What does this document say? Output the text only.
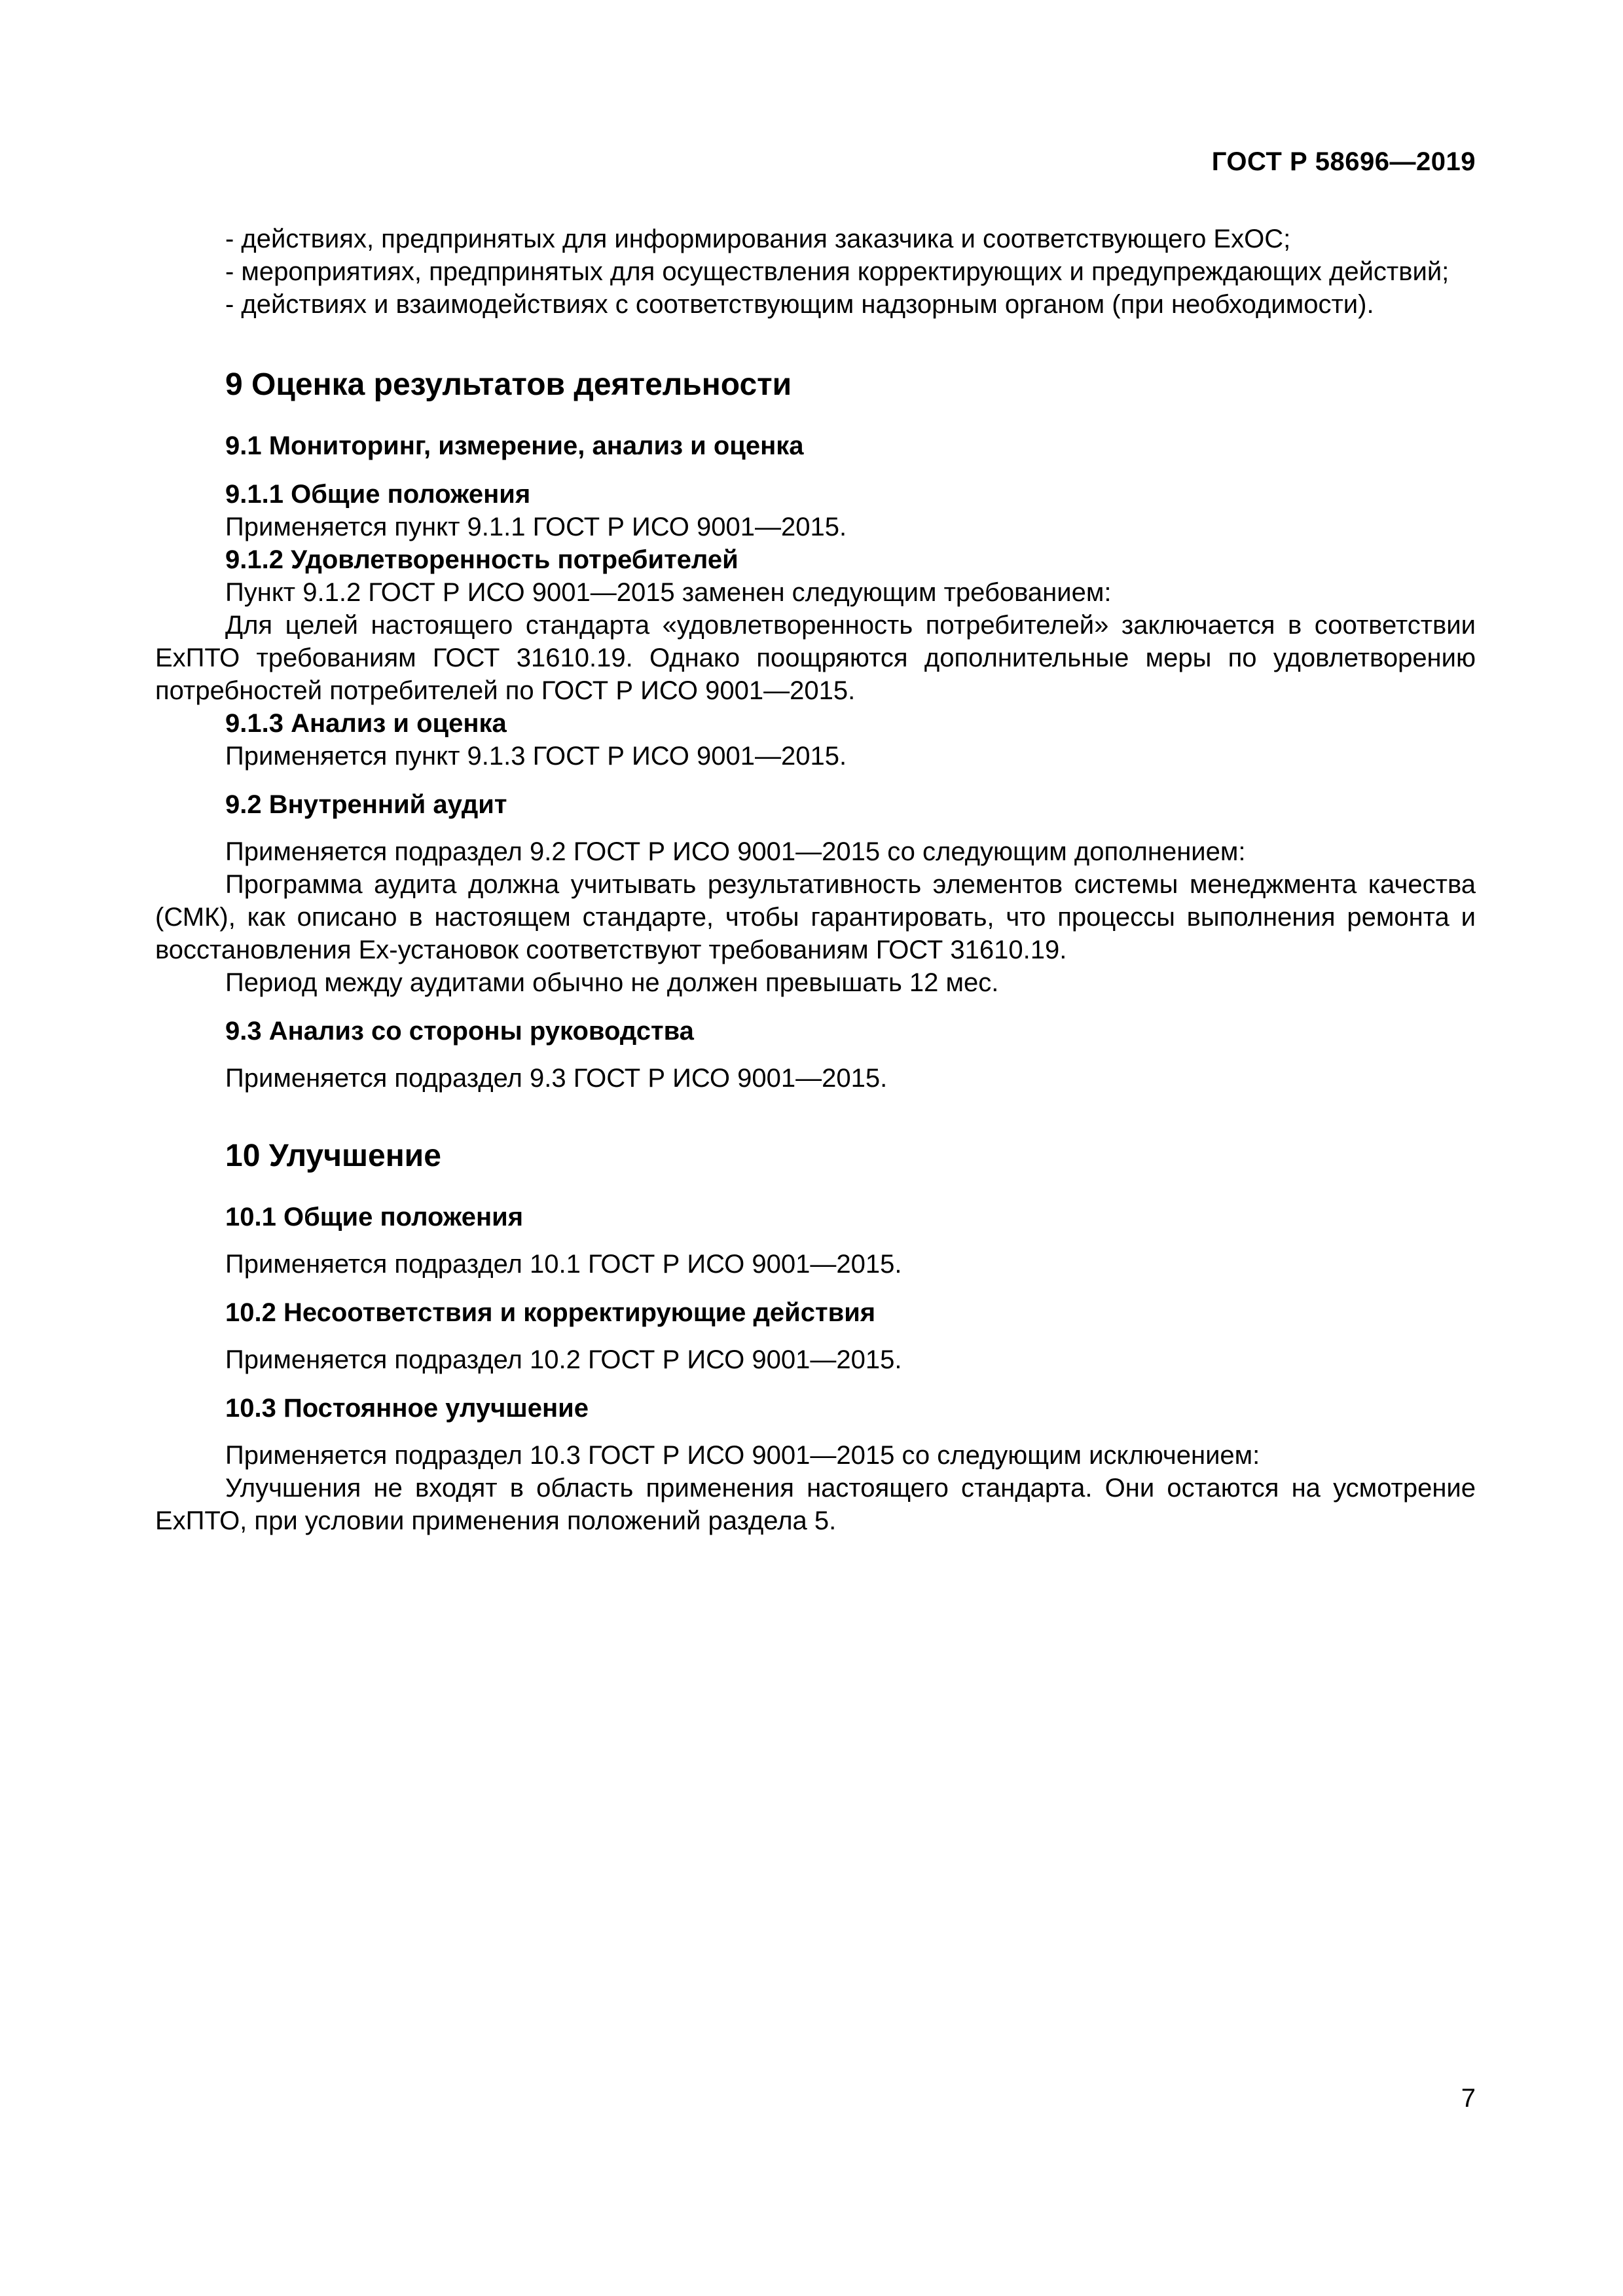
ГОСТ Р 58696—2019

- действиях, предпринятых для информирования заказчика и соответствующего ExOC;

- мероприятиях, предпринятых для осуществления корректирующих и предупреждающих действий;

- действиях и взаимодействиях с соответствующим надзорным органом (при необходимости).

9 Оценка результатов деятельности

9.1 Мониторинг, измерение, анализ и оценка

9.1.1 Общие положения

Применяется пункт 9.1.1 ГОСТ Р ИСО 9001—2015.

9.1.2 Удовлетворенность потребителей

Пункт 9.1.2 ГОСТ Р ИСО 9001—2015 заменен следующим требованием:

Для целей настоящего стандарта «удовлетворенность потребителей» заключается в соответствии ExПТО требованиям ГОСТ 31610.19. Однако поощряются дополнительные меры по удовлетворению потребностей потребителей по ГОСТ Р ИСО 9001—2015.

9.1.3 Анализ и оценка

Применяется пункт 9.1.3 ГОСТ Р ИСО 9001—2015.

9.2 Внутренний аудит

Применяется подраздел 9.2 ГОСТ Р ИСО 9001—2015 со следующим дополнением:

Программа аудита должна учитывать результативность элементов системы менеджмента качества (СМК), как описано в настоящем стандарте, чтобы гарантировать, что процессы выполнения ремонта и восстановления Ex-установок соответствуют требованиям ГОСТ 31610.19.

Период между аудитами обычно не должен превышать 12 мес.

9.3 Анализ со стороны руководства

Применяется подраздел 9.3 ГОСТ Р ИСО 9001—2015.

10 Улучшение

10.1 Общие положения

Применяется подраздел 10.1 ГОСТ Р ИСО 9001—2015.

10.2 Несоответствия и корректирующие действия

Применяется подраздел 10.2 ГОСТ Р ИСО 9001—2015.

10.3 Постоянное улучшение

Применяется подраздел 10.3 ГОСТ Р ИСО 9001—2015 со следующим исключением:

Улучшения не входят в область применения настоящего стандарта. Они остаются на усмотрение ExПТО, при условии применения положений раздела 5.

7
